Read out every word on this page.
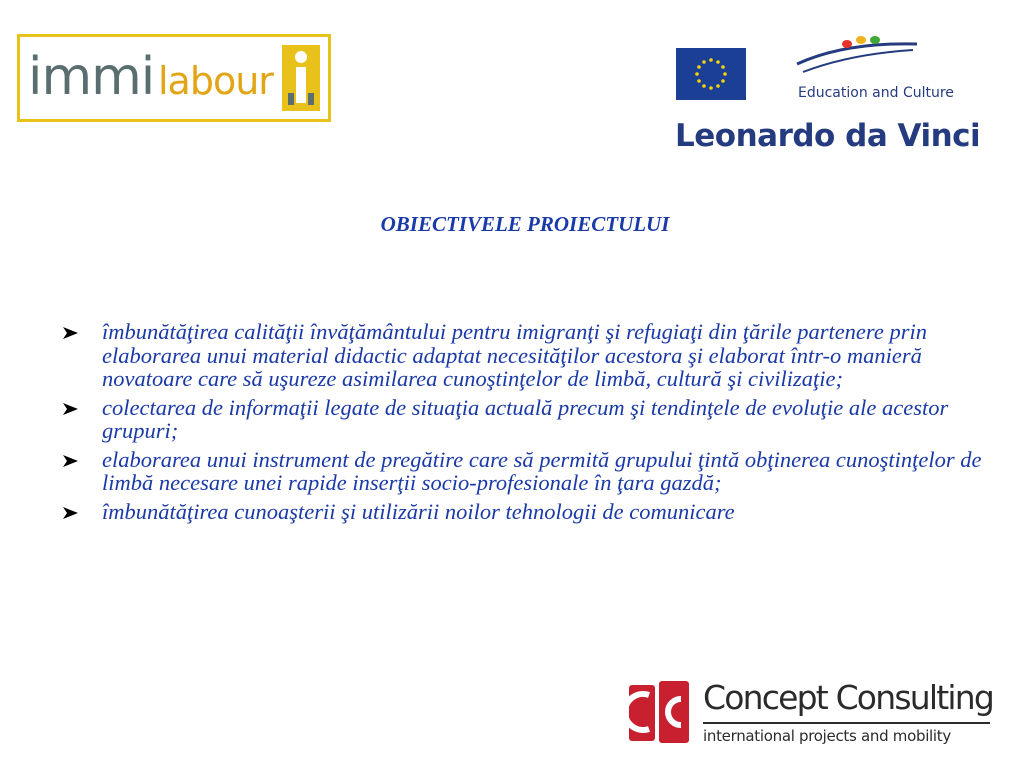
immi labour	Education and Culture
Leonardo da Vinci
OBIECTIVELE PROIECTULUI
îmbunătăţirea calităţii învăţământului pentru imigranţi şi refugiaţi din ţările partenere prin elaborarea unui material didactic adaptat necesităţilor acestora şi elaborat într-o manieră novatoare care să uşureze asimilarea cunoştinţelor de limbă, cultură şi civilizaţie;
colectarea de informaţii legate de situaţia actuală precum şi tendinţele de evoluţie ale acestor grupuri;
elaborarea unui instrument de pregătire care să permită grupului ţintă obţinerea cunoştinţelor de limbă necesare unei rapide inserţii socio-profesionale în ţara gazdă;
îmbunătăţirea cunoaşterii şi utilizării noilor tehnologii de comunicare
Concept Consulting
international projects and mobility
